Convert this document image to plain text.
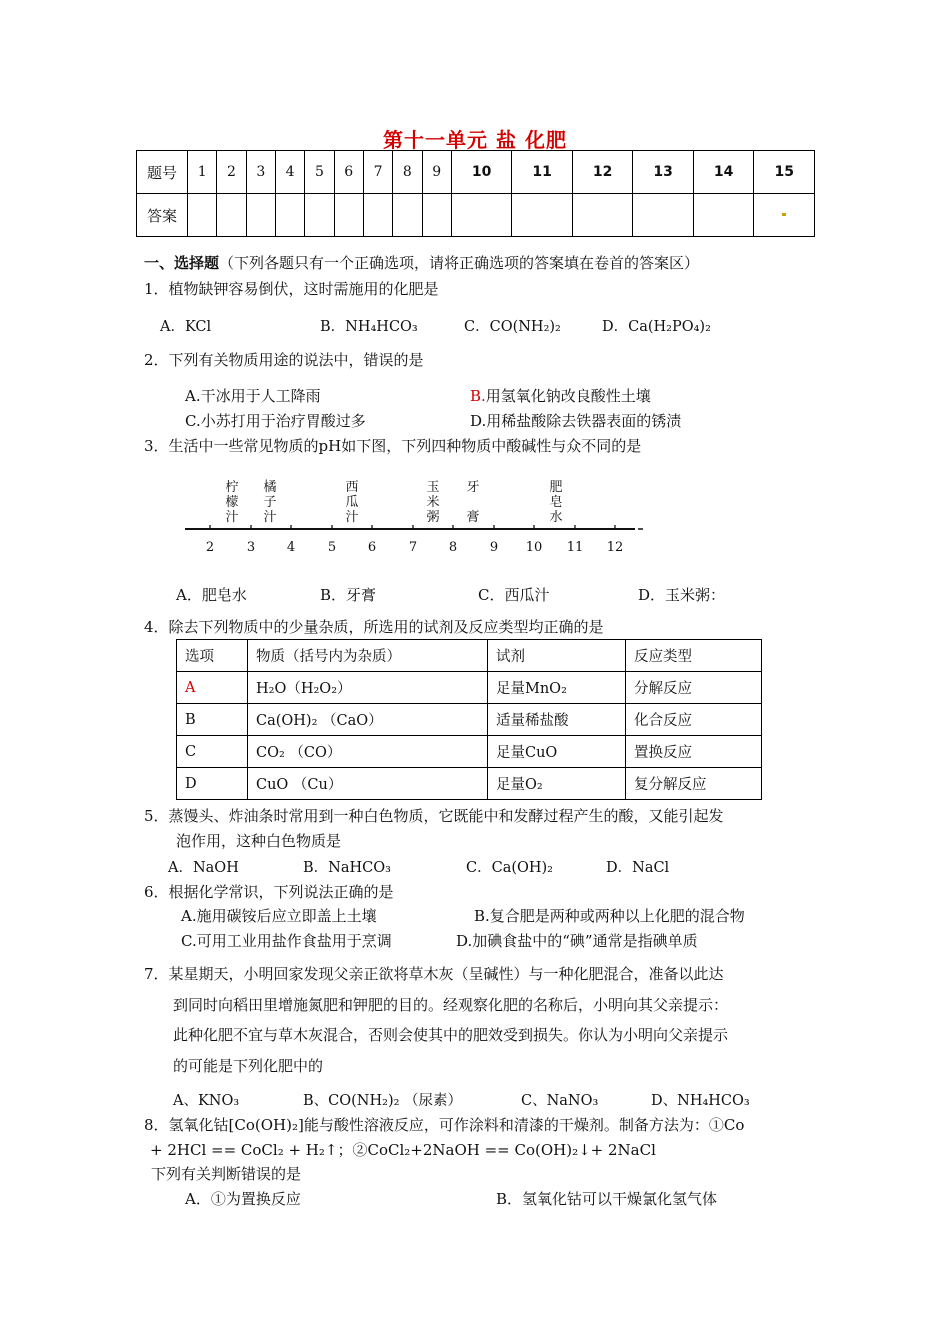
第十一单元 盐 化肥
题号	1	2	3	4	5	6	7	8	9	10	11	12	13	14	15
答案															
一、选择题（下列各题只有一个正确选项，请将正确选项的答案填在卷首的答案区）
1．植物缺钾容易倒伏，这时需施用的化肥是
A．KCl	B．NH₄HCO₃	C．CO(NH₂)₂	D．Ca(H₂PO₄)₂
2．下列有关物质用途的说法中，错误的是
A.干冰用于人工降雨	B.用氢氧化钠改良酸性土壤
C.小苏打用于治疗胃酸过多	D.用稀盐酸除去铁器表面的锈渍
3．生活中一些常见物质的pH如下图，下列四种物质中酸碱性与众不同的是
柠
檬
汁
橘
子
汁
西
瓜
汁
玉
米
粥
牙
膏
肥
皂
水
2	3 4	5 6	7 8	9 10 11 12
A．肥皂水	B．牙膏	C．西瓜汁	D．玉米粥：
4．除去下列物质中的少量杂质，所选用的试剂及反应类型均正确的是
选项	物质（括号内为杂质）	试剂	反应类型
A	H₂O（H₂O₂）	足量MnO₂	分解反应
B	Ca(OH)₂ （CaO）	适量稀盐酸	化合反应
C	CO₂ （CO）	足量CuO	置换反应
D	CuO （Cu）	足量O₂	复分解反应
5．蒸馒头、炸油条时常用到一种白色物质，它既能中和发酵过程产生的酸，又能引起发
泡作用，这种白色物质是
A．NaOH	B．NaHCO₃	C．Ca(OH)₂	D．NaCl
6．根据化学常识，下列说法正确的是
A.施用碳铵后应立即盖上土壤	B.复合肥是两种或两种以上化肥的混合物
C.可用工业用盐作食盐用于烹调	D.加碘食盐中的“碘”通常是指碘单质
7．某星期天，小明回家发现父亲正欲将草木灰（呈碱性）与一种化肥混合，准备以此达
到同时向稻田里增施氮肥和钾肥的目的。经观察化肥的名称后，小明向其父亲提示：
此种化肥不宜与草木灰混合，否则会使其中的肥效受到损失。你认为小明向父亲提示
的可能是下列化肥中的
A、KNO₃	B、CO(NH₂)₂ （尿素）	C、NaNO₃	D、NH₄HCO₃
8．氢氧化钴[Co(OH)₂]能与酸性溶液反应，可作涂料和清漆的干燥剂。制备方法为：①Co
+ 2HCl == CoCl₂ + H₂↑；②CoCl₂+2NaOH == Co(OH)₂↓+ 2NaCl
下列有关判断错误的是
A．①为置换反应	B．氢氧化钴可以干燥氯化氢气体
